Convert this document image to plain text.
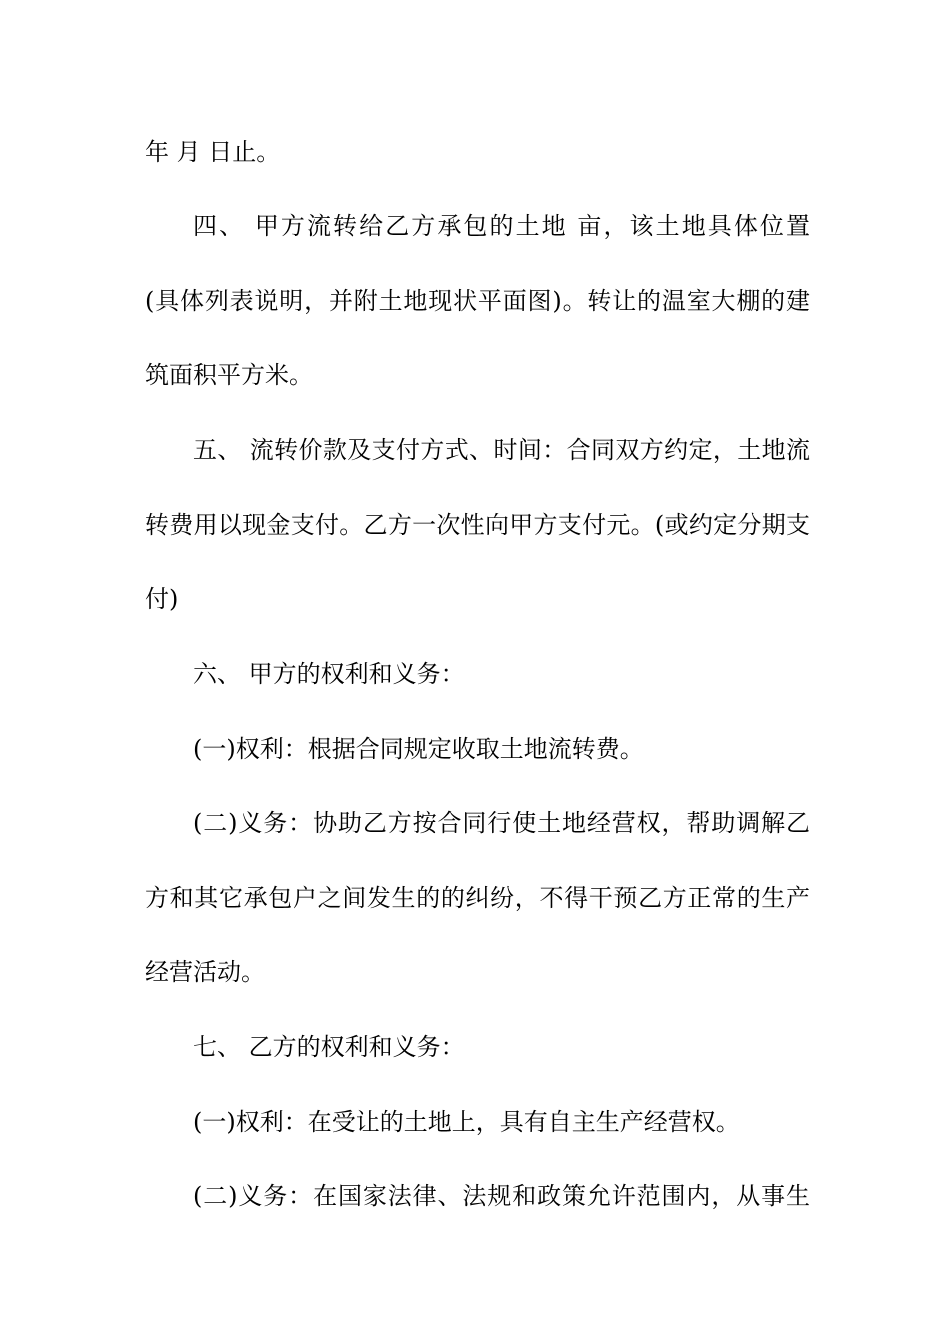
年 月 日止。
四、 甲方流转给乙方承包的土地 亩，该土地具体位置
(具体列表说明，并附土地现状平面图)。转让的温室大棚的建
筑面积平方米。
五、 流转价款及支付方式、时间：合同双方约定，土地流
转费用以现金支付。乙方一次性向甲方支付元。(或约定分期支
付)
六、 甲方的权利和义务：
(一)权利：根据合同规定收取土地流转费。
(二)义务：协助乙方按合同行使土地经营权，帮助调解乙
方和其它承包户之间发生的的纠纷，不得干预乙方正常的生产
经营活动。
七、 乙方的权利和义务：
(一)权利：在受让的土地上，具有自主生产经营权。
(二)义务：在国家法律、法规和政策允许范围内，从事生
